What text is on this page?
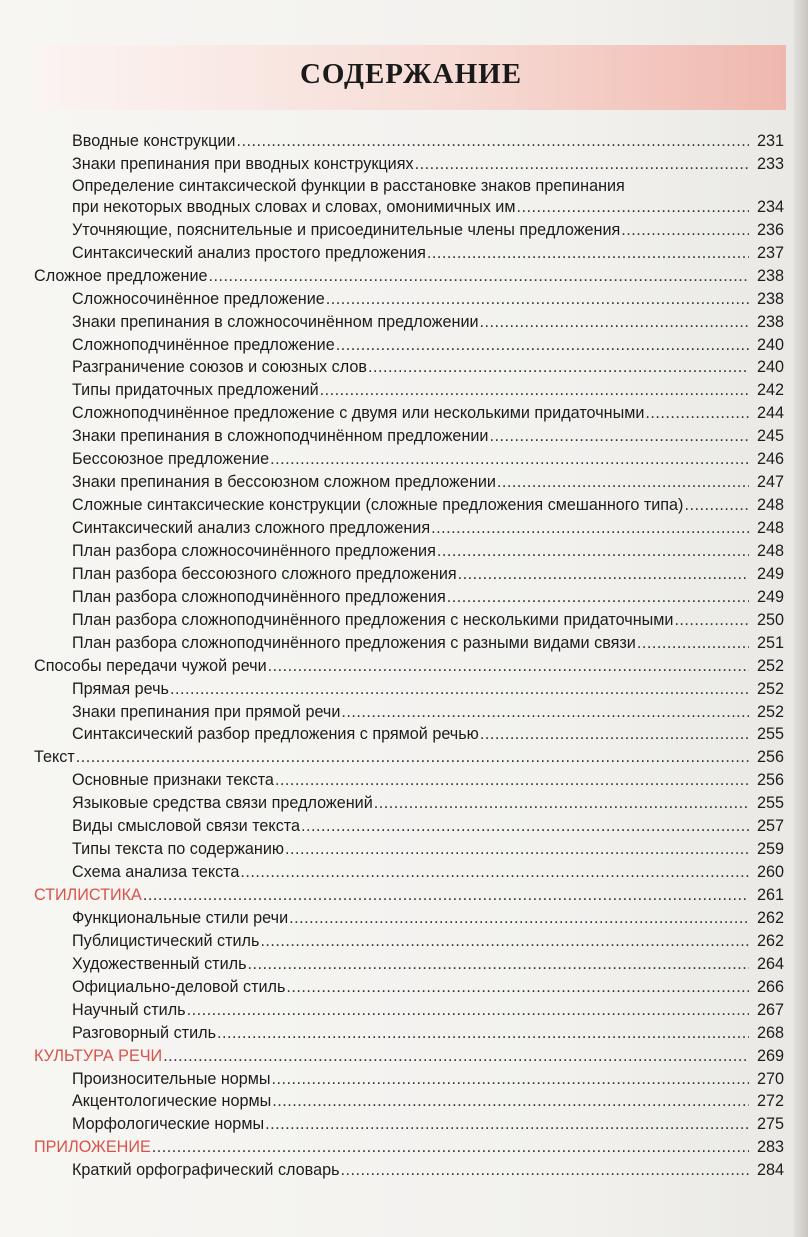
СОДЕРЖАНИЕ
Вводные конструкции .....	231
Знаки препинания при вводных конструкциях .....	233
Определение синтаксической функции в расстановке знаков препинания
при некоторых вводных словах и словах, омонимичных им .....	234
Уточняющие, пояснительные и присоединительные члены предложения .....	236
Синтаксический анализ простого предложения .....	237
Сложное предложение .....	238
Сложносочинённое предложение .....	238
Знаки препинания в сложносочинённом предложении .....	238
Сложноподчинённое предложение .....	240
Разграничение союзов и союзных слов .....	240
Типы придаточных предложений .....	242
Сложноподчинённое предложение с двумя или несколькими придаточными .....	244
Знаки препинания в сложноподчинённом предложении .....	245
Бессоюзное предложение .....	246
Знаки препинания в бессоюзном сложном предложении .....	247
Сложные синтаксические конструкции (сложные предложения смешанного типа) .....	248
Синтаксический анализ сложного предложения .....	248
План разбора сложносочинённого предложения .....	248
План разбора бессоюзного сложного предложения .....	249
План разбора сложноподчинённого предложения .....	249
План разбора сложноподчинённого предложения с несколькими придаточными .....	250
План разбора сложноподчинённого предложения с разными видами связи .....	251
Способы передачи чужой речи .....	252
Прямая речь .....	252
Знаки препинания при прямой речи .....	252
Синтаксический разбор предложения с прямой речью .....	255
Текст .....	256
Основные признаки текста .....	256
Языковые средства связи предложений .....	255
Виды смысловой связи текста .....	257
Типы текста по содержанию .....	259
Схема анализа текста .....	260
СТИЛИСТИКА .....	261
Функциональные стили речи .....	262
Публицистический стиль .....	262
Художественный стиль .....	264
Официально-деловой стиль .....	266
Научный стиль .....	267
Разговорный стиль .....	268
КУЛЬТУРА РЕЧИ .....	269
Произносительные нормы .....	270
Акцентологические нормы .....	272
Морфологические нормы .....	275
ПРИЛОЖЕНИЕ .....	283
Краткий орфографический словарь .....	284
